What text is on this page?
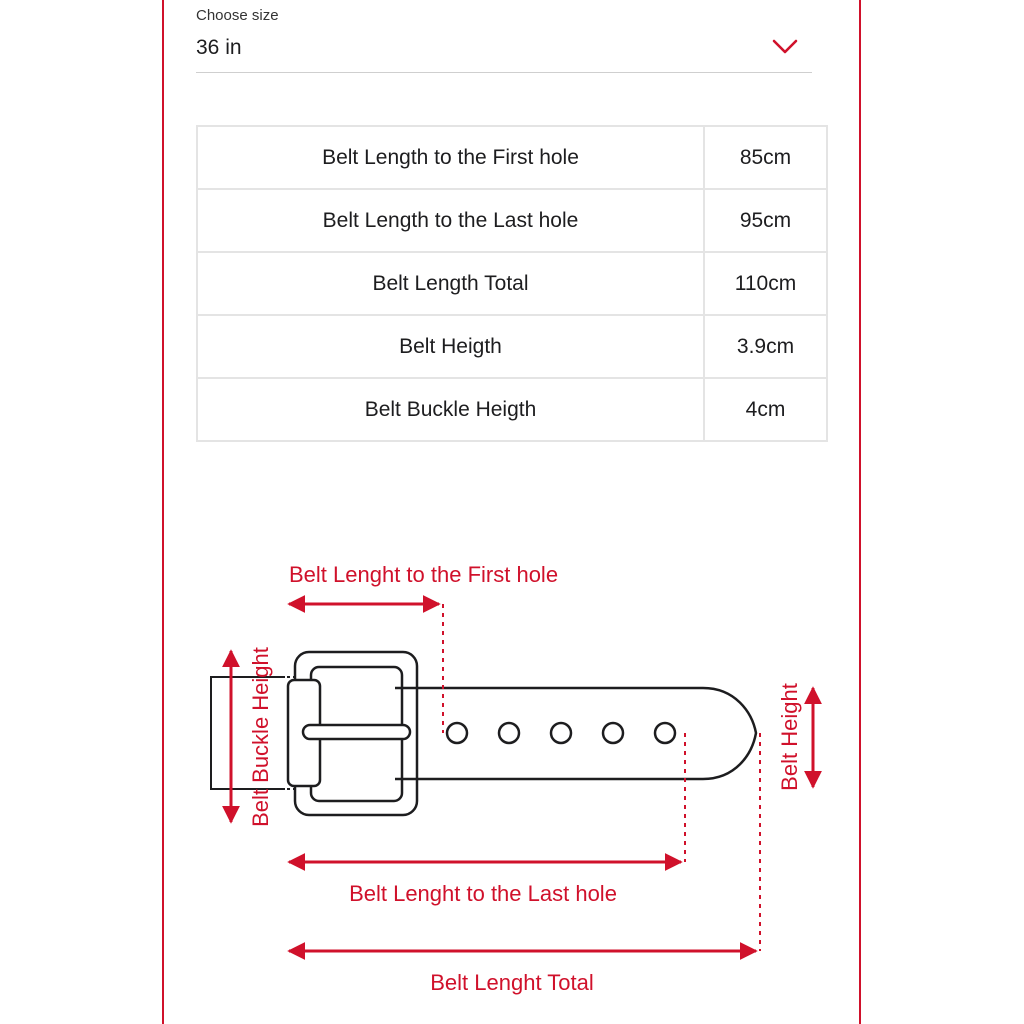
Choose size
36 in
Belt Length to the First hole	85cm
Belt Length to the Last hole	95cm
Belt Length Total	110cm
Belt Heigth	3.9cm
Belt Buckle Heigth	4cm
Belt Lenght to the First hole
Belt Lenght to the Last hole
Belt Lenght Total
Belt Buckle Height	Belt Height
